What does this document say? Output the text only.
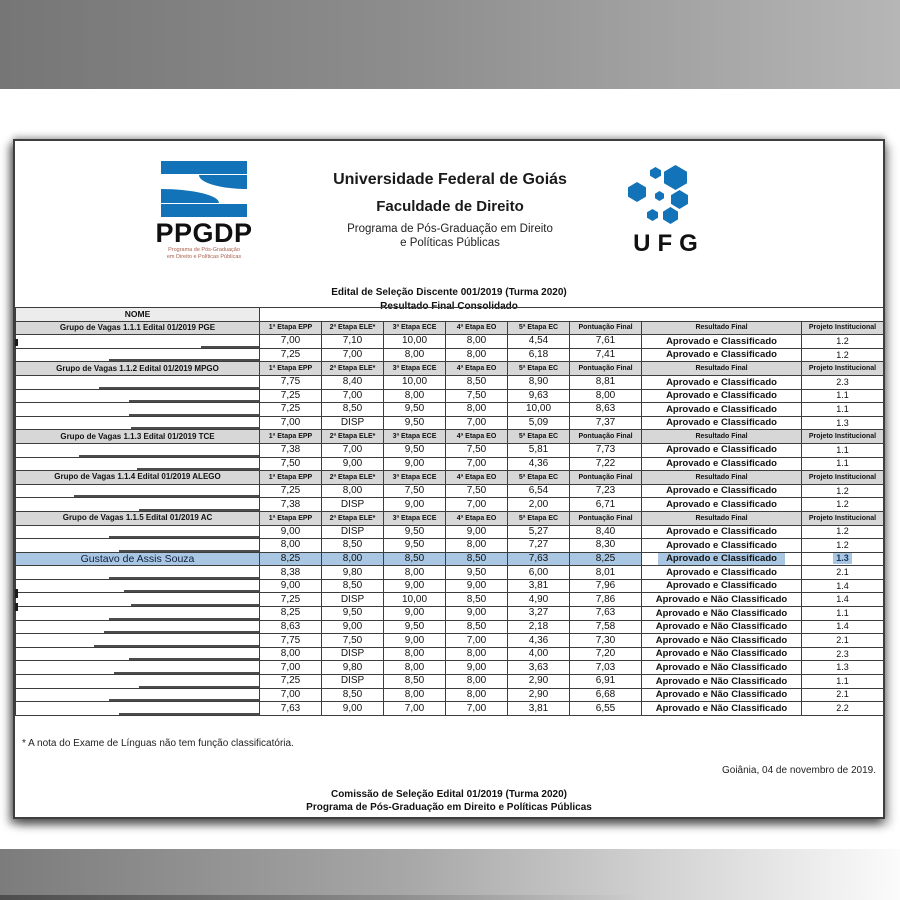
PPGDP
Programa de Pós-Graduação
em Direito e Políticas Públicas
Universidade Federal de Goiás
Faculdade de Direito
Programa de Pós-Graduação em Direito
e Políticas Públicas	UFG
Edital de Seleção Discente 001/2019 (Turma 2020)
Resultado Final Consolidado
NOME								
Grupo de Vagas 1.1.1 Edital 01/2019 PGE	1ª Etapa EPP	2ª Etapa ELE*	3ª Etapa ECE	4ª Etapa EO	5ª Etapa EC	Pontuação Final	Resultado Final	Projeto Institucional

	7,00	7,10	10,00	8,00	4,54	7,61	Aprovado e Classificado	1.2

	7,25	7,00	8,00	8,00	6,18	7,41	Aprovado e Classificado	1.2
Grupo de Vagas 1.1.2 Edital 01/2019 MPGO	1ª Etapa EPP	2ª Etapa ELE*	3ª Etapa ECE	4ª Etapa EO	5ª Etapa EC	Pontuação Final	Resultado Final	Projeto Institucional

	7,75	8,40	10,00	8,50	8,90	8,81	Aprovado e Classificado	2.3

	7,25	7,00	8,00	7,50	9,63	8,00	Aprovado e Classificado	1.1

	7,25	8,50	9,50	8,00	10,00	8,63	Aprovado e Classificado	1.1

	7,00	DISP	9,50	7,00	5,09	7,37	Aprovado e Classificado	1.3
Grupo de Vagas 1.1.3 Edital 01/2019 TCE	1ª Etapa EPP	2ª Etapa ELE*	3ª Etapa ECE	4ª Etapa EO	5ª Etapa EC	Pontuação Final	Resultado Final	Projeto Institucional

	7,38	7,00	9,50	7,50	5,81	7,73	Aprovado e Classificado	1.1

	7,50	9,00	9,00	7,00	4,36	7,22	Aprovado e Classificado	1.1
Grupo de Vagas 1.1.4 Edital 01/2019 ALEGO	1ª Etapa EPP	2ª Etapa ELE*	3ª Etapa ECE	4ª Etapa EO	5ª Etapa EC	Pontuação Final	Resultado Final	Projeto Institucional

	7,25	8,00	7,50	7,50	6,54	7,23	Aprovado e Classificado	1.2

	7,38	DISP	9,00	7,00	2,00	6,71	Aprovado e Classificado	1.2
Grupo de Vagas 1.1.5 Edital 01/2019 AC	1ª Etapa EPP	2ª Etapa ELE*	3ª Etapa ECE	4ª Etapa EO	5ª Etapa EC	Pontuação Final	Resultado Final	Projeto Institucional

	9,00	DISP	9,50	9,00	5,27	8,40	Aprovado e Classificado	1.2

	8,00	8,50	9,50	8,00	7,27	8,30	Aprovado e Classificado	1.2
Gustavo de Assis Souza	8,25	8,00	8,50	8,50	7,63	8,25	Aprovado e Classificado	1.3

	8,38	9,80	8,00	9,50	6,00	8,01	Aprovado e Classificado	2.1

	9,00	8,50	9,00	9,00	3,81	7,96	Aprovado e Classificado	1.4

	7,25	DISP	10,00	8,50	4,90	7,86	Aprovado e Não Classificado	1.4

	8,25	9,50	9,00	9,00	3,27	7,63	Aprovado e Não Classificado	1.1

	8,63	9,00	9,50	8,50	2,18	7,58	Aprovado e Não Classificado	1.4

	7,75	7,50	9,00	7,00	4,36	7,30	Aprovado e Não Classificado	2.1

	8,00	DISP	8,00	8,00	4,00	7,20	Aprovado e Não Classificado	2.3

	7,00	9,80	8,00	9,00	3,63	7,03	Aprovado e Não Classificado	1.3

	7,25	DISP	8,50	8,00	2,90	6,91	Aprovado e Não Classificado	1.1

	7,00	8,50	8,00	8,00	2,90	6,68	Aprovado e Não Classificado	2.1

	7,63	9,00	7,00	7,00	3,81	6,55	Aprovado e Não Classificado	2.2
* A nota do Exame de Línguas não tem função classificatória.
Goiânia, 04 de novembro de 2019.
Comissão de Seleção Edital 01/2019 (Turma 2020)
Programa de Pós-Graduação em Direito e Políticas Públicas
